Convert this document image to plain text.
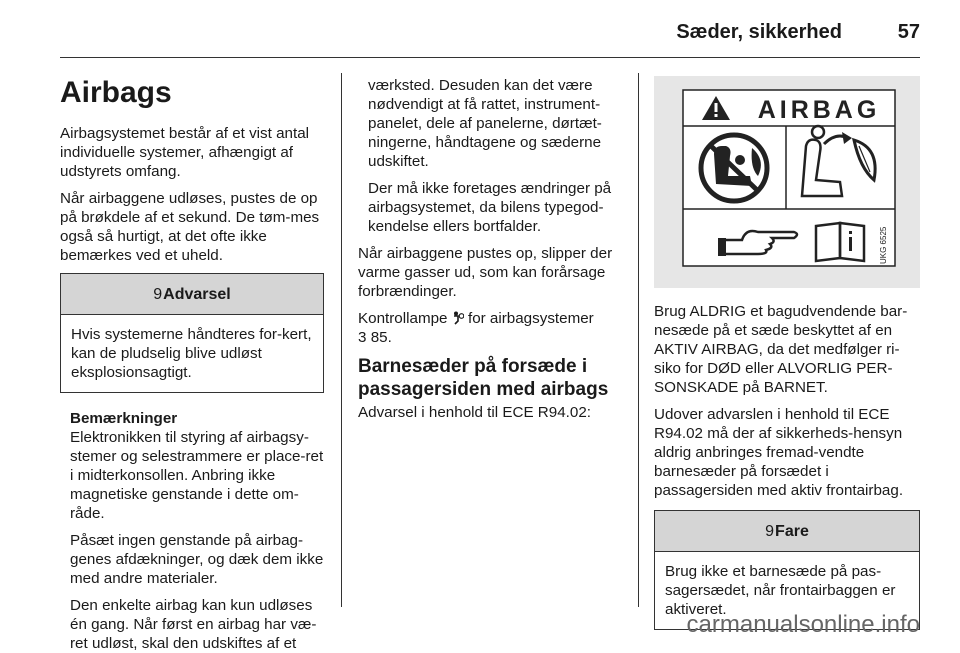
Sæder, sikkerhed	57
Airbags

Airbagsystemet består af et vist antal individuelle systemer, afhængigt af udstyrets omfang.

Når airbaggene udløses, pustes de op på brøkdele af et sekund. De tøm-mes også så hurtigt, at det ofte ikke bemærkes ved et uheld.

9 Advarsel
Hvis systemerne håndteres for-kert, kan de pludselig blive udløst eksplosionsagtigt.
Bemærkninger

Elektronikken til styring af airbagsy-stemer og selestrammere er place-ret i midterkonsollen. Anbring ikke magnetiske genstande i dette om-råde.

Påsæt ingen genstande på airbag-genes afdækninger, og dæk dem ikke med andre materialer.

Den enkelte airbag kan kun udløses én gang. Når først en airbag har væ-ret udløst, skal den udskiftes af et

værksted. Desuden kan det være nødvendigt at få rattet, instrument-panelet, dele af panelerne, dørtæt-ningerne, håndtagene og sæderne udskiftet.

Der må ikke foretages ændringer på airbagsystemet, da bilens typegod-kendelse ellers bortfalder.

Når airbaggene pustes op, slipper der varme gasser ud, som kan forårsage forbrændinger.

Kontrollampe for airbagsystemer
3 85.

Barnesæder på forsæde i passagersiden med airbags

Advarsel i henhold til ECE R94.02:

AIRBAG
UKG 6525

Brug ALDRIG et bagudvendende bar-nesæde på et sæde beskyttet af en AKTIV AIRBAG, da det medfølger ri-siko for DØD eller ALVORLIG PER-SONSKADE på BARNET.

Udover advarslen i henhold til ECE R94.02 må der af sikkerheds-hensyn aldrig anbringes fremad-vendte barnesæder på forsædet i passagersiden med aktiv frontairbag.

9 Fare
Brug ikke et barnesæde på pas-sagersædet, når frontairbaggen er aktiveret.
carmanualsonline.info
